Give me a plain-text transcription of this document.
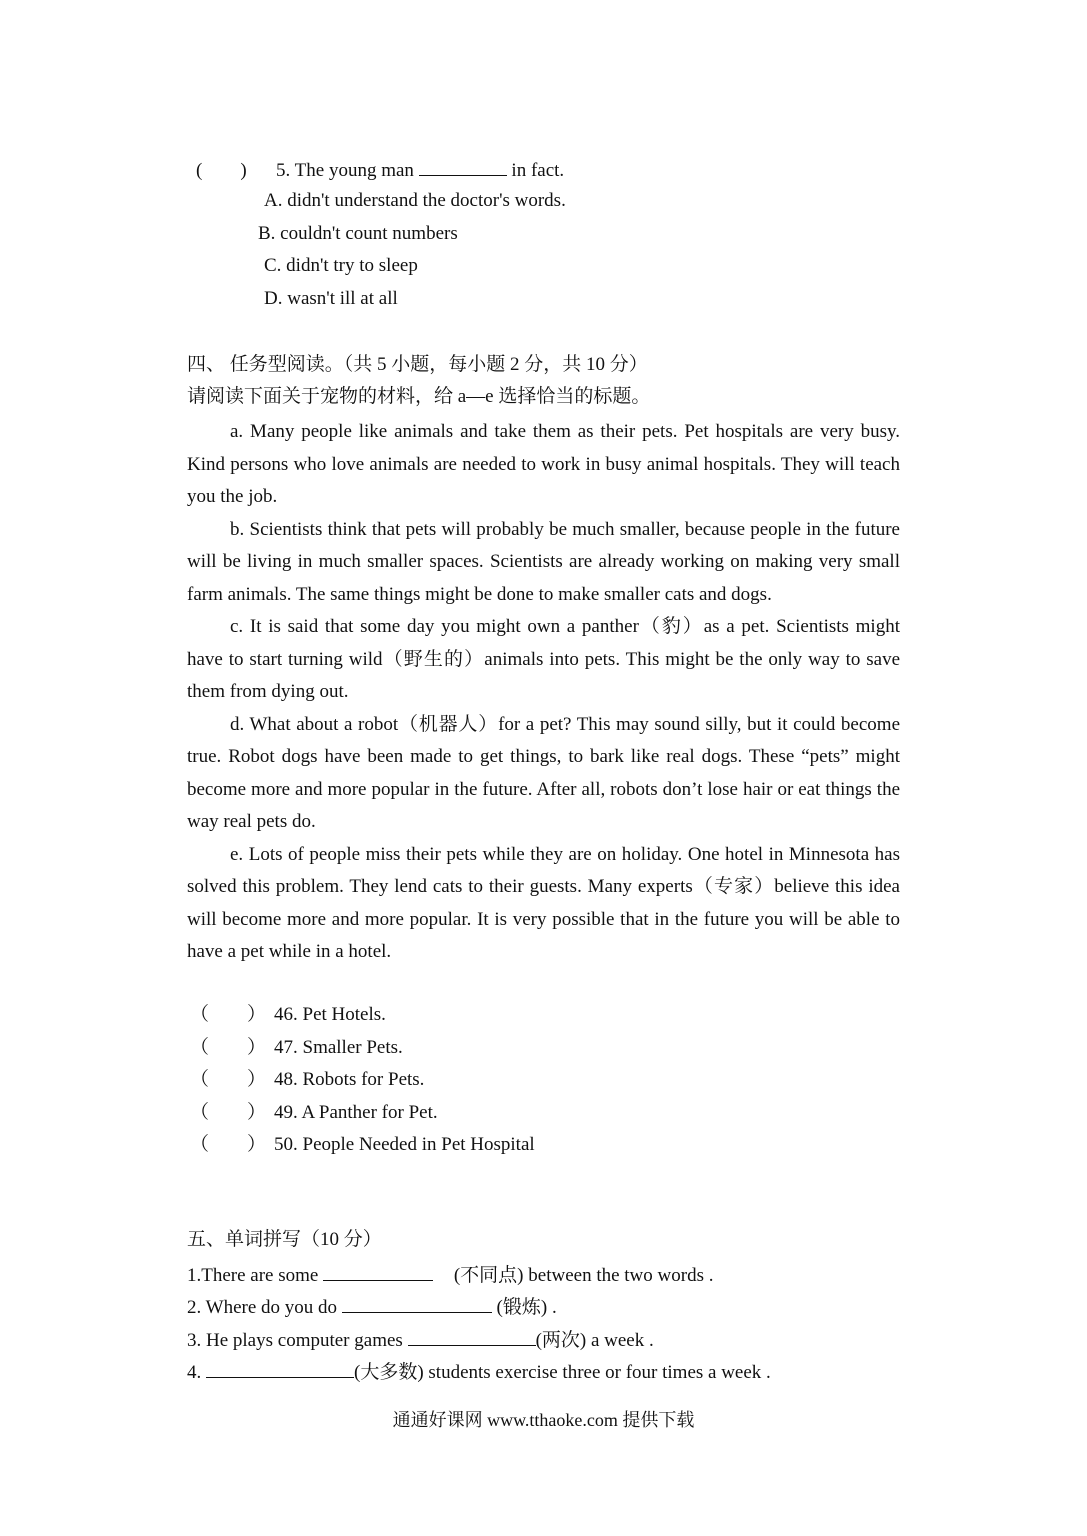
(　　) 5. The young man	in fact.
A. didn't understand the doctor's words.
B. couldn't count numbers
C. didn't try to sleep
D. wasn't ill at all
四、 任务型阅读。（共 5 小题，每小题 2 分，共 10 分）
请阅读下面关于宠物的材料，给 a—e 选择恰当的标题。
a. Many people like animals and take them as their pets. Pet hospitals are very busy. Kind persons who love animals are needed to work in busy animal hospitals. They will teach you the job.
b. Scientists think that pets will probably be much smaller, because people in the future will be living in much smaller spaces. Scientists are already working on making very small farm animals. The same things might be done to make smaller cats and dogs.
c. It is said that some day you might own a panther（豹）as a pet. Scientists might have to start turning wild（野生的）animals into pets. This might be the only way to save them from dying out.
d. What about a robot（机器人）for a pet? This may sound silly, but it could become true. Robot dogs have been made to get things, to bark like real dogs. These “pets” might become more and more popular in the future. After all, robots don’t lose hair or eat things the way real pets do.
e. Lots of people miss their pets while they are on holiday. One hotel in Minnesota has solved this problem. They lend cats to their guests. Many experts（专家）believe this idea will become more and more popular. It is very possible that in the future you will be able to have a pet while in a hotel.
（　　） 46. Pet Hotels.
（　　） 47. Smaller Pets.
（　　） 48. Robots for Pets.
（　　） 49. A Panther for Pet.
（　　） 50. People Needed in Pet Hospital
五、单词拼写（10 分）
1.There are some	(不同点) between the two words .
2. Where do you do	(锻炼) .
3. He plays computer games	(两次) a week .
4.	(大多数) students exercise three or four times a week .
通通好课网 www.tthaoke.com 提供下载
